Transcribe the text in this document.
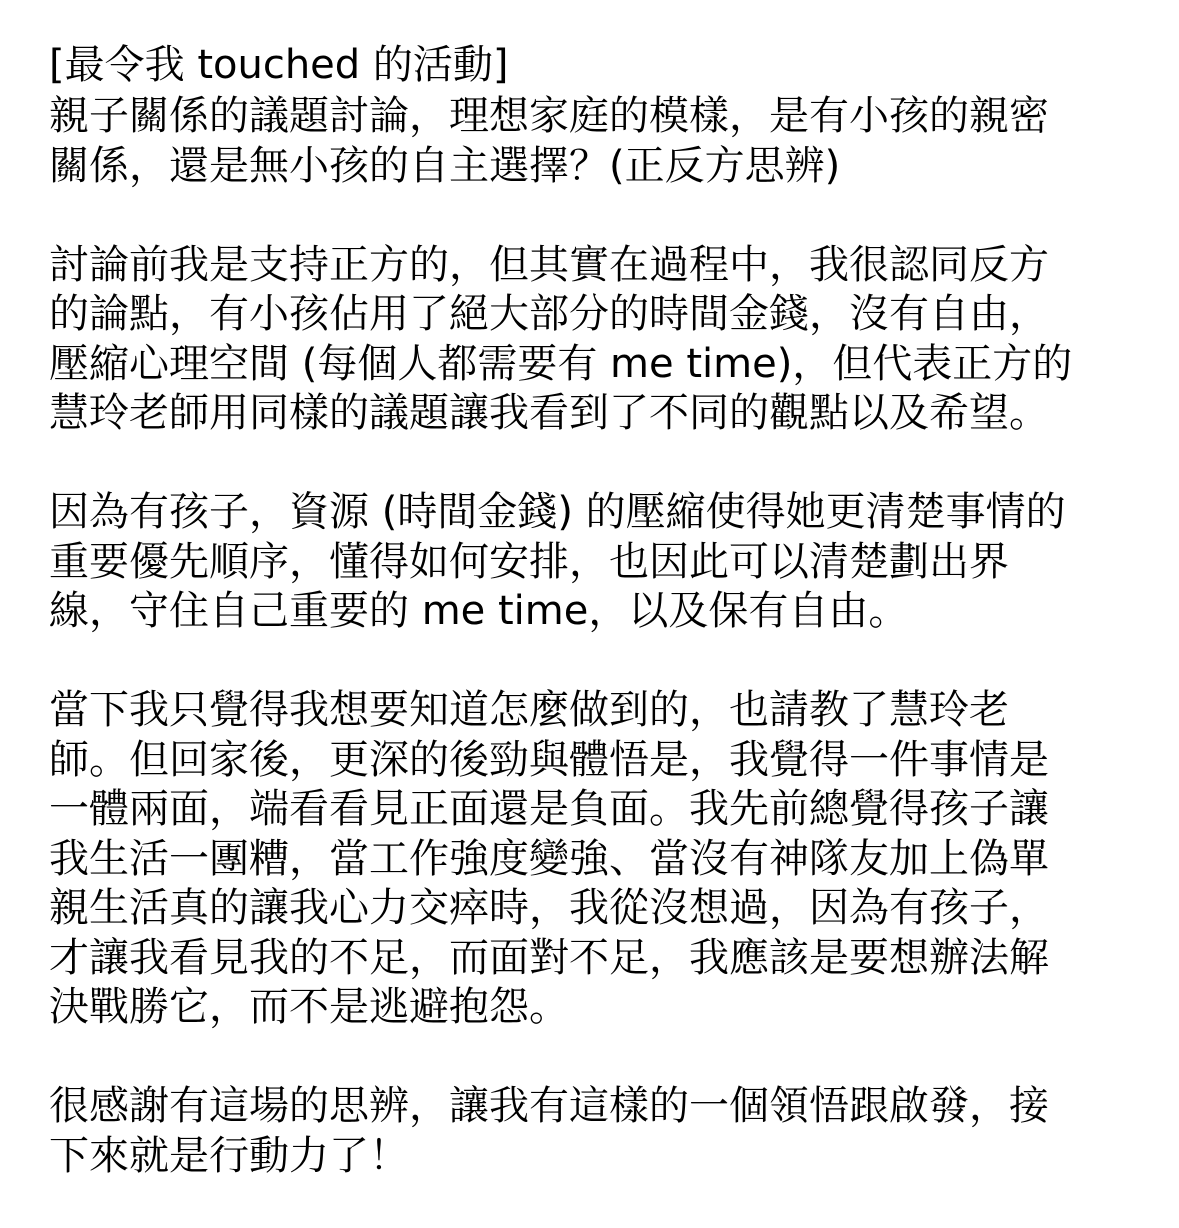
[最令我 touched 的活動]
親子關係的議題討論，理想家庭的模樣，是有小孩的親密
關係，還是無小孩的自主選擇？(正反方思辨)
討論前我是支持正方的，但其實在過程中，我很認同反方
的論點，有小孩佔用了絕大部分的時間金錢，沒有自由，
壓縮心理空間 (每個人都需要有 me time)，但代表正方的
慧玲老師用同樣的議題讓我看到了不同的觀點以及希望。
因為有孩子，資源 (時間金錢) 的壓縮使得她更清楚事情的
重要優先順序，懂得如何安排，也因此可以清楚劃出界
線，守住自己重要的 me time，以及保有自由。
當下我只覺得我想要知道怎麼做到的，也請教了慧玲老
師。但回家後，更深的後勁與體悟是，我覺得一件事情是
一體兩面，端看看見正面還是負面。我先前總覺得孩子讓
我生活一團糟，當工作強度變強、當沒有神隊友加上偽單
親生活真的讓我心力交瘁時，我從沒想過，因為有孩子，
才讓我看見我的不足，而面對不足，我應該是要想辦法解
決戰勝它，而不是逃避抱怨。
很感謝有這場的思辨，讓我有這樣的一個領悟跟啟發，接
下來就是行動力了！
